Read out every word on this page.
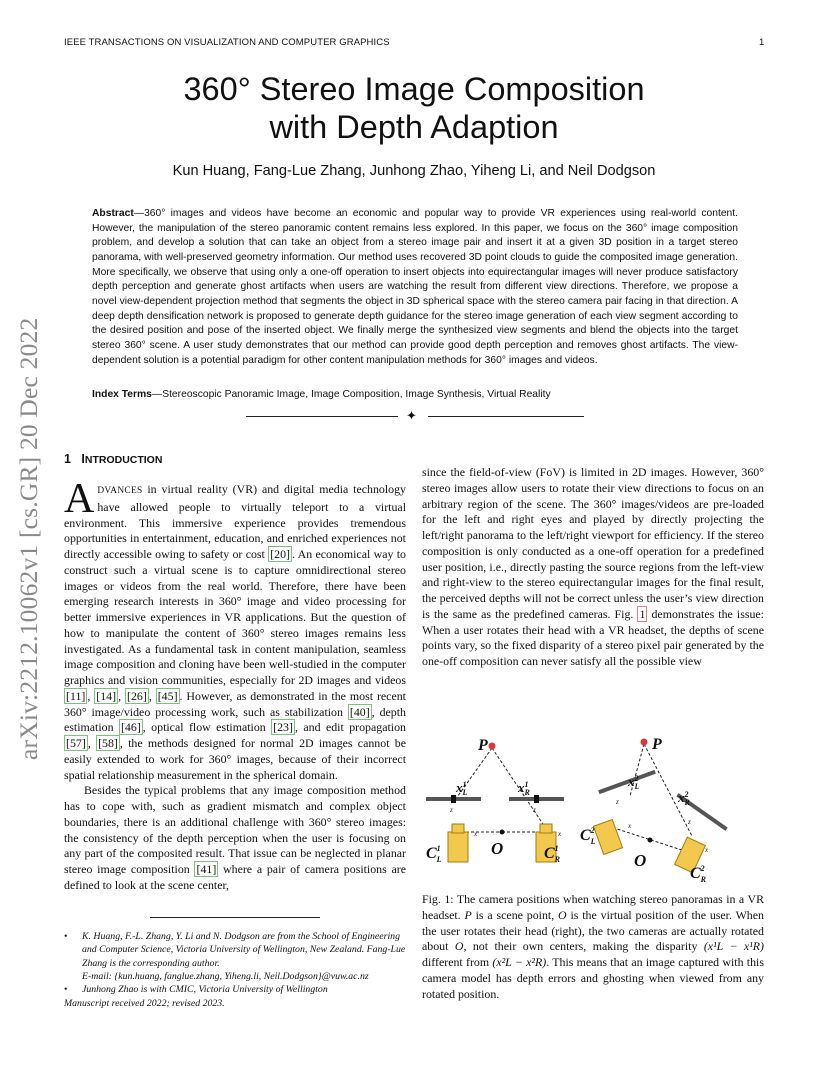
IEEE TRANSACTIONS ON VISUALIZATION AND COMPUTER GRAPHICS	1
360° Stereo Image Composition
with Depth Adaption
Kun Huang, Fang-Lue Zhang, Junhong Zhao, Yiheng Li, and Neil Dodgson
Abstract—360° images and videos have become an economic and popular way to provide VR experiences using real-world content. However, the manipulation of the stereo panoramic content remains less explored. In this paper, we focus on the 360° image composition problem, and develop a solution that can take an object from a stereo image pair and insert it at a given 3D position in a target stereo panorama, with well-preserved geometry information. Our method uses recovered 3D point clouds to guide the composited image generation. More specifically, we observe that using only a one-off operation to insert objects into equirectangular images will never produce satisfactory depth perception and generate ghost artifacts when users are watching the result from different view directions. Therefore, we propose a novel view-dependent projection method that segments the object in 3D spherical space with the stereo camera pair facing in that direction. A deep depth densification network is proposed to generate depth guidance for the stereo image generation of each view segment according to the desired position and pose of the inserted object. We finally merge the synthesized view segments and blend the objects into the target stereo 360° scene. A user study demonstrates that our method can provide good depth perception and removes ghost artifacts. The view-dependent solution is a potential paradigm for other content manipulation methods for 360° images and videos.
Index Terms—Stereoscopic Panoramic Image, Image Composition, Image Synthesis, Virtual Reality
✦
arXiv:2212.10062v1 [cs.GR] 20 Dec 2022 1 INTRODUCTION

ADVANCES in virtual reality (VR) and digital media technology have allowed people to virtually teleport to a virtual environment. This immersive experience provides tremendous opportunities in entertainment, education, and enriched experiences not directly accessible owing to safety or cost [20] . An economical way to construct such a virtual scene is to capture omnidirectional stereo images or videos from the real world. Therefore, there have been emerging research interests in 360° image and video processing for better immersive experiences in VR applications. But the question of how to manipulate the content of 360° stereo images remains less investigated. As a fundamental task in content manipulation, seamless image composition and cloning have been well-studied in the computer graphics and vision communities, especially for 2D images and videos [11] , [14] , [26] , [45] . However, as demonstrated in the most recent 360° image/video processing work, such as stabilization [40] , depth estimation [46] , optical flow estimation [23] , and edit propagation [57] , [58] , the methods designed for normal 2D images cannot be easily extended to work for 360° images, because of their incorrect spatial relationship measurement in the spherical domain.

Besides the typical problems that any image composition method has to cope with, such as gradient mismatch and complex object boundaries, there is an additional challenge with 360° stereo images: the consistency of the depth perception when the user is focusing on any part of the composited result. That issue can be neglected in planar stereo image composition [41] where a pair of camera positions are defined to look at the scene center,

since the field-of-view (FoV) is limited in 2D images. However, 360° stereo images allow users to rotate their view directions to focus on an arbitrary region of the scene. The 360° images/videos are pre-loaded for the left and right eyes and played by directly projecting the left/right panorama to the left/right viewport for efficiency. If the stereo composition is only conducted as a one-off operation for a predefined user position, i.e., directly pasting the source regions from the left-view and right-view to the stereo equirectangular images for the final result, the perceived depths will not be correct unless the user’s view direction is the same as the predefined cameras. Fig. 1 demonstrates the issue: When a user rotates their head with a VR headset, the depths of scene points vary, so the fixed disparity of a stereo pixel pair generated by the one-off composition can never satisfy all the possible view

P
$x^1$ L	$x^1$ R
O
$C^1$ L	$C^1$ R
z
x
z
x
P
$x^2$ L
$x^2$ R
O
$C^2$ L
$C^2$ R
z
x	z
x
Fig. 1: The camera positions when watching stereo panoramas in a VR headset. P is a scene point, O is the virtual position of the user. When the user rotates their head (right), the two cameras are actually rotated about O, not their own centers, making the disparity (x¹L − x¹R) different from (x²L − x²R). This means that an image captured with this camera model has depth errors and ghosting when viewed from any rotated position.
• K. Huang, F.-L. Zhang, Y. Li and N. Dodgson are from the School of Engineering and Computer Science, Victoria University of Wellington, New Zealand. Fang-Lue Zhang is the corresponding author.
E-mail: {kun.huang, fanglue.zhang, Yiheng.li, Neil.Dodgson}@vuw.ac.nz
• Junhong Zhao is with CMIC, Victoria University of Wellington
Manuscript received 2022; revised 2023.
